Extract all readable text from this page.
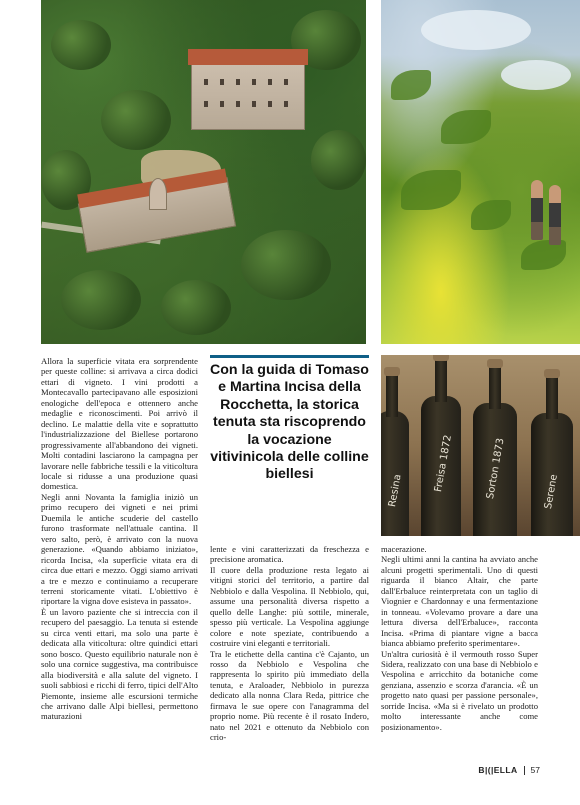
Resina	Freisa 1872	Sorton 1873	Serene

Allora la superficie vitata era sorprendente per queste colline: si arrivava a circa dodici ettari di vigneto. I vini prodotti a Montecavallo partecipavano alle esposizioni enologiche dell'epoca e ottennero anche medaglie e riconoscimenti. Poi arrivò il declino. Le malattie della vite e soprattutto l'industrializzazione del Biellese portarono progressivamente all'abbandono dei vigneti. Molti contadini lasciarono la campagna per lavorare nelle fabbriche tessili e la viticoltura locale si ridusse a una produzione quasi domestica.

Negli anni Novanta la famiglia iniziò un primo recupero dei vigneti e nei primi Duemila le antiche scuderie del castello furono trasformate nell'attuale cantina. Il vero salto, però, è arrivato con la nuova generazione. «Quando abbiamo iniziato», ricorda Incisa, «la superficie vitata era di circa due ettari e mezzo. Oggi siamo arrivati a tre e mezzo e continuiamo a recuperare terreni storicamente vitati. L'obiettivo è riportare la vigna dove esisteva in passato».

È un lavoro paziente che si intreccia con il recupero del paesaggio. La tenuta si estende su circa venti ettari, ma solo una parte è dedicata alla viticoltura: oltre quindici ettari sono bosco. Questo equilibrio naturale non è solo una cornice suggestiva, ma contribuisce alla biodiversità e alla salute del vigneto. I suoli sabbiosi e ricchi di ferro, tipici dell'Alto Piemonte, insieme alle escursioni termiche che arrivano dalle Alpi biellesi, permettono maturazioni

Con la guida di Tomaso e Martina Incisa della Rocchetta, la storica tenuta sta riscoprendo la vocazione vitivinicola delle colline biellesi

lente e vini caratterizzati da freschezza e precisione aromatica.

Il cuore della produzione resta legato ai vitigni storici del territorio, a partire dal Nebbiolo e dalla Vespolina. Il Nebbiolo, qui, assume una personalità diversa rispetto a quello delle Langhe: più sottile, minerale, spesso più verticale. La Vespolina aggiunge colore e note speziate, contribuendo a costruire vini eleganti e territoriali.

Tra le etichette della cantina c'è Cajanto, un rosso da Nebbiolo e Vespolina che rappresenta lo spirito più immediato della tenuta, e Araloader, Nebbiolo in purezza dedicato alla nonna Clara Reda, pittrice che firmava le sue opere con l'anagramma del proprio nome. Più recente è il rosato Indero, nato nel 2021 e ottenuto da Nebbiolo con crio-

macerazione.

Negli ultimi anni la cantina ha avviato anche alcuni progetti sperimentali. Uno di questi riguarda il bianco Altair, che parte dall'Erbaluce reinterpretata con un taglio di Viognier e Chardonnay e una fermentazione in tonneau. «Volevamo provare a dare una lettura diversa dell'Erbaluce», racconta Incisa. «Prima di piantare vigne a bacca bianca abbiamo preferito sperimentare».

Un'altra curiosità è il vermouth rosso Super Sidera, realizzato con una base di Nebbiolo e Vespolina e arricchito da botaniche come genziana, assenzio e scorza d'arancia. «È un progetto nato quasi per passione personale», sorride Incisa. «Ma si è rivelato un prodotto molto interessante anche come posizionamento».

B|(|ELLA 57
